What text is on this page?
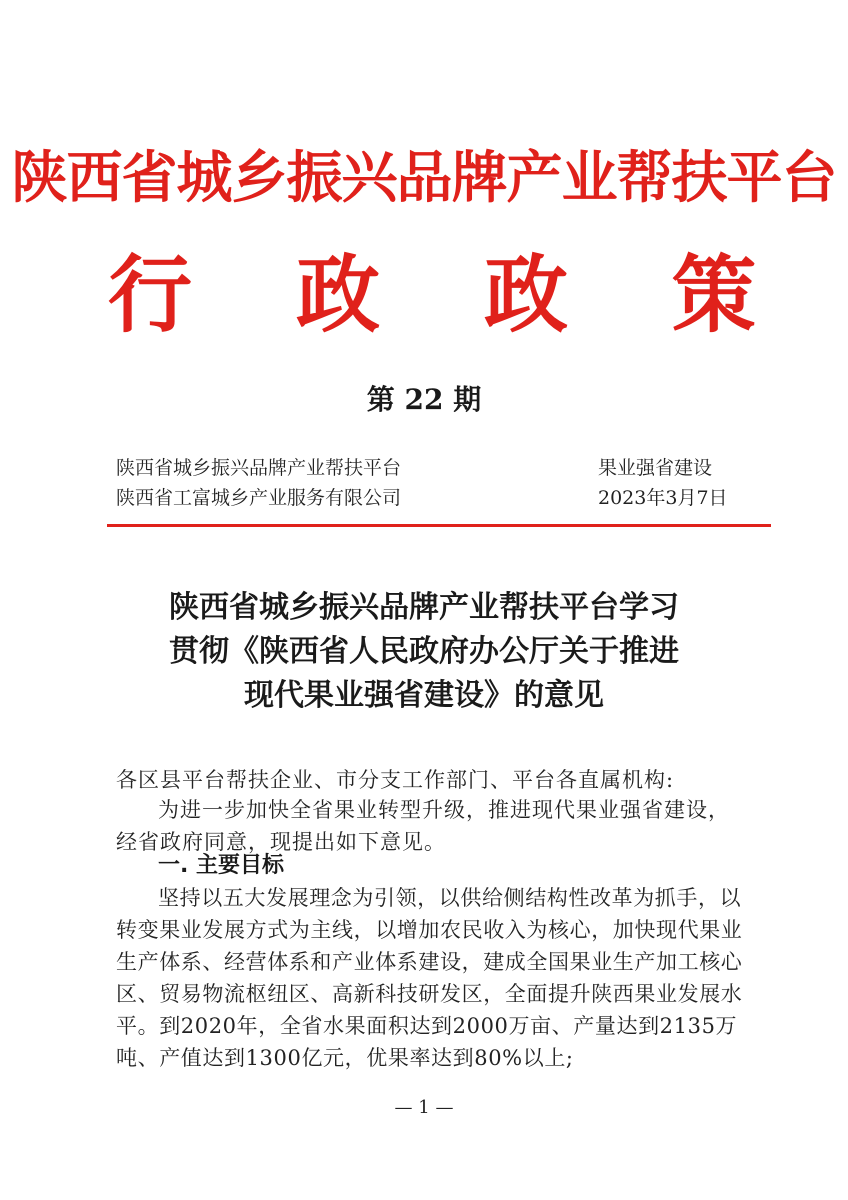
陕西省城乡振兴品牌产业帮扶平台
行 政 政 策
第 22 期
陕西省城乡振兴品牌产业帮扶平台	果业强省建设
陕西省工富城乡产业服务有限公司	2023年3月7日
陕西省城乡振兴品牌产业帮扶平台学习
贯彻《陕西省人民政府办公厅关于推进
现代果业强省建设》的意见
各区县平台帮扶企业、市分支工作部门、平台各直属机构:
为进一步加快全省果业转型升级，推进现代果业强省建设，经省政府同意，现提出如下意见。
一. 主要目标
坚持以五大发展理念为引领，以供给侧结构性改革为抓手，以转变果业发展方式为主线，以增加农民收入为核心，加快现代果业生产体系、经营体系和产业体系建设，建成全国果业生产加工核心区、贸易物流枢纽区、高新科技研发区，全面提升陕西果业发展水平。到2020年，全省水果面积达到2000万亩、产量达到2135万吨、产值达到1300亿元，优果率达到80%以上;
— 1 —
